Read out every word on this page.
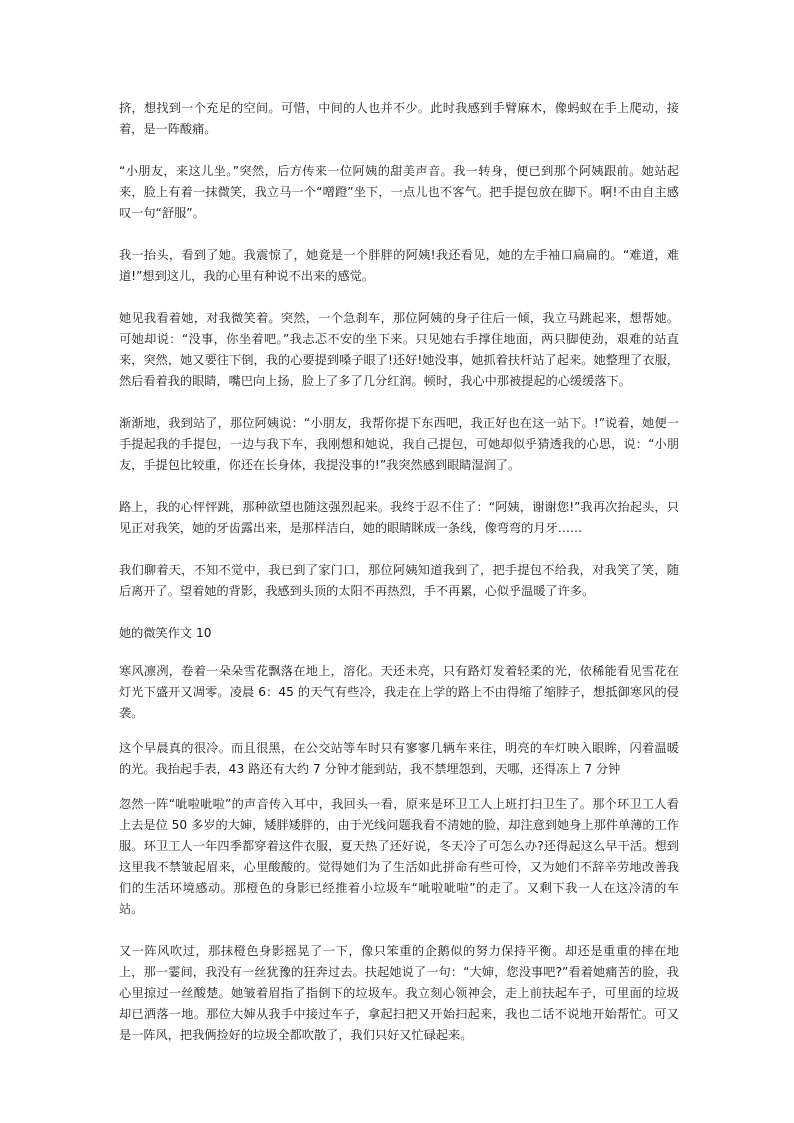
挤，想找到一个充足的空间。可惜，中间的人也并不少。此时我感到手臂麻木，像蚂蚁在手上爬动，接着，是一阵酸痛。

“小朋友，来这儿坐。”突然，后方传来一位阿姨的甜美声音。我一转身，便已到那个阿姨跟前。她站起来，脸上有着一抹微笑，我立马一个“噌蹬”坐下，一点儿也不客气。把手提包放在脚下。啊!不由自主感叹一句“舒服”。

我一抬头，看到了她。我震惊了，她竟是一个胖胖的阿姨!我还看见，她的左手袖口扁扁的。“难道，难道!”想到这儿，我的心里有种说不出来的感觉。

她见我看着她，对我微笑着。突然，一个急刹车，那位阿姨的身子往后一倾，我立马跳起来，想帮她。可她却说：“没事，你坐着吧。”我忐忑不安的坐下来。只见她右手撑住地面，两只脚使劲，艰难的站直来，突然，她又要往下倒，我的心要提到嗓子眼了!还好!她没事，她抓着扶杆站了起来。她整理了衣服，然后看着我的眼睛，嘴巴向上扬，脸上了多了几分红润。顿时，我心中那被提起的心缓缓落下。

渐渐地，我到站了，那位阿姨说：“小朋友，我帮你提下东西吧，我正好也在这一站下。!”说着，她便一手提起我的手提包，一边与我下车，我刚想和她说，我自己提包，可她却似乎猜透我的心思，说：“小朋友，手提包比较重，你还在长身体，我提没事的!”我突然感到眼睛湿润了。

路上，我的心怦怦跳，那种欲望也随这强烈起来。我终于忍不住了：“阿姨，谢谢您!”我再次抬起头，只见正对我笑，她的牙齿露出来，是那样洁白，她的眼睛眯成一条线，像弯弯的月牙……

我们聊着天，不知不觉中，我已到了家门口，那位阿姨知道我到了，把手提包不给我，对我笑了笑，随后离开了。望着她的背影，我感到头顶的太阳不再热烈，手不再累，心似乎温暖了许多。

她的微笑作文 10

寒风凛冽，卷着一朵朵雪花飘落在地上，溶化。天还未亮，只有路灯发着轻柔的光，依稀能看见雪花在灯光下盛开又凋零。凌晨 6：45 的天气有些冷，我走在上学的路上不由得缩了缩脖子，想抵御寒风的侵袭。

这个早晨真的很冷。而且很黑，在公交站等车时只有寥寥几辆车来往，明亮的车灯映入眼眸，闪着温暖的光。我抬起手表，43 路还有大约 7 分钟才能到站，我不禁埋怨到，天哪，还得冻上 7 分钟

忽然一阵“呲啦呲啦”的声音传入耳中，我回头一看，原来是环卫工人上班打扫卫生了。那个环卫工人看上去是位 50 多岁的大婶，矮胖矮胖的，由于光线问题我看不清她的脸，却注意到她身上那件单薄的工作服。环卫工人一年四季都穿着这件衣服，夏天热了还好说，冬天冷了可怎么办?还得起这么早干活。想到这里我不禁皱起眉来，心里酸酸的。觉得她们为了生活如此拼命有些可怜，又为她们不辞辛劳地改善我们的生活环境感动。那橙色的身影已经推着小垃圾车“呲啦呲啦”的走了。又剩下我一人在这冷清的车站。

又一阵风吹过，那抹橙色身影摇晃了一下，像只笨重的企鹅似的努力保持平衡。却还是重重的摔在地上，那一霎间，我没有一丝犹豫的狂奔过去。扶起她说了一句：“大婶，您没事吧?”看着她痛苦的脸，我心里掠过一丝酸楚。她皱着眉指了指倒下的垃圾车。我立刻心领神会，走上前扶起车子，可里面的垃圾却已洒落一地。那位大婶从我手中接过车子，拿起扫把又开始扫起来，我也二话不说地开始帮忙。可又是一阵风，把我俩捡好的垃圾全都吹散了，我们只好又忙碌起来。
